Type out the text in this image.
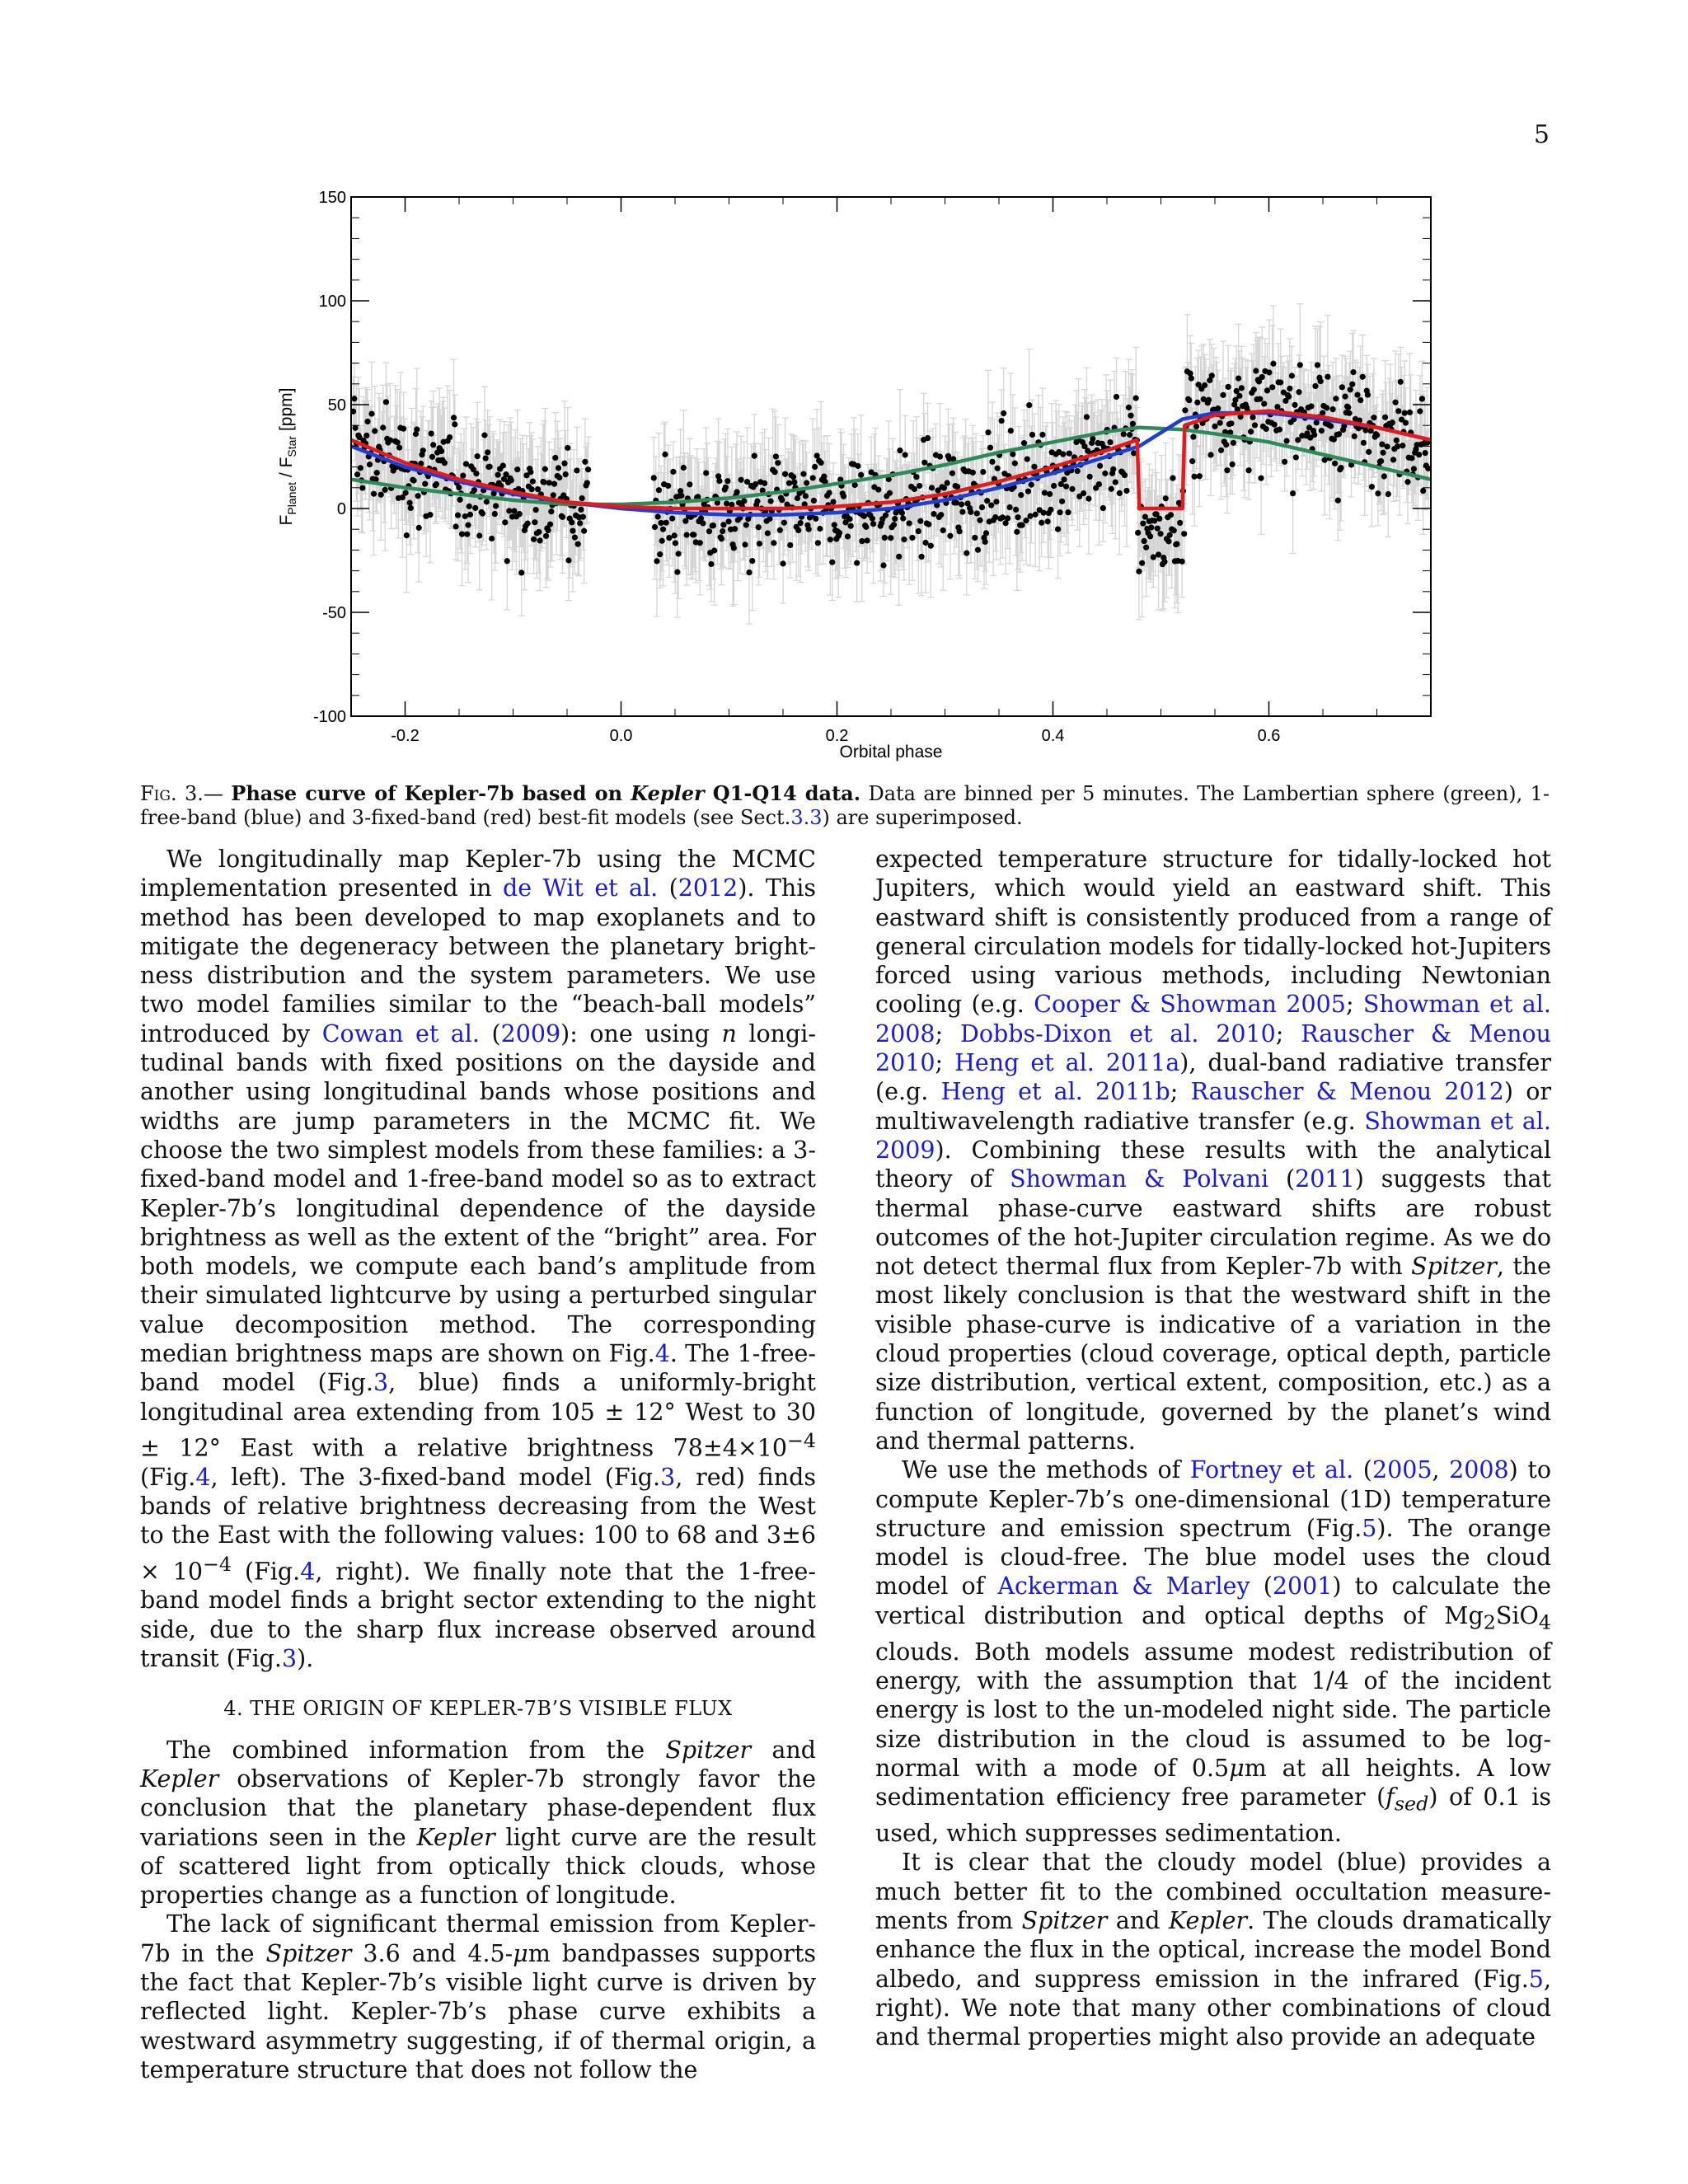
5
-0.2	0.0	0.2	0.4	0.6
-100
-50
0
50
100
150
Orbital phase
$F_{Planet} / F_{Star}$ [ppm]
Fig. 3.— Phase curve of Kepler-7b based on Kepler Q1-Q14 data. Data are binned per 5 minutes. The Lambertian sphere (green), 1-free-band (blue) and 3-fixed-band (red) best-fit models (see Sect.3.3) are superimposed.

We longitudinally map Kepler-7b using the MCMC implementation presented in de Wit et al. (2012). This method has been developed to map exoplanets and to mitigate the degeneracy between the planetary brightness distribution and the system parameters. We use two model families similar to the “beach-ball models” introduced by Cowan et al. (2009): one using n longitudinal bands with fixed positions on the dayside and another using longitudinal bands whose positions and widths are jump parameters in the MCMC fit. We choose the two simplest models from these families: a 3-fixed-band model and 1-free-band model so as to extract Kepler-7b’s longitudinal dependence of the dayside brightness as well as the extent of the “bright” area. For both models, we compute each band’s amplitude from their simulated lightcurve by using a perturbed singular value decomposition method. The corresponding median brightness maps are shown on Fig.4. The 1-free-band model (Fig.3, blue) finds a uniformly-bright longitudinal area extending from 105 ± 12° West to 30 ± 12° East with a relative brightness $78\pm 4\times 10^{-4}$ (Fig.4, left). The 3-fixed-band model (Fig.3, red) finds bands of relative brightness decreasing from the West to the East with the following values: 100 to 68 and $3\pm 6 \times 10^{-4}$ (Fig.4, right). We finally note that the 1-free-band model finds a bright sector extending to the night side, due to the sharp flux increase observed around transit (Fig.3).

4. THE ORIGIN OF KEPLER-7B’S VISIBLE FLUX

The combined information from the Spitzer and Kepler observations of Kepler-7b strongly favor the conclusion that the planetary phase-dependent flux variations seen in the Kepler light curve are the result of scattered light from optically thick clouds, whose properties change as a function of longitude.

The lack of significant thermal emission from Kepler-7b in the Spitzer 3.6 and 4.5-μm bandpasses supports the fact that Kepler-7b’s visible light curve is driven by reflected light. Kepler-7b’s phase curve exhibits a westward asymmetry suggesting, if of thermal origin, a temperature structure that does not follow the

expected temperature structure for tidally-locked hot Jupiters, which would yield an eastward shift. This eastward shift is consistently produced from a range of general circulation models for tidally-locked hot-Jupiters forced using various methods, including Newtonian cooling (e.g. Cooper & Showman 2005; Showman et al. 2008; Dobbs-Dixon et al. 2010; Rauscher & Menou 2010; Heng et al. 2011a), dual-band radiative transfer (e.g. Heng et al. 2011b; Rauscher & Menou 2012) or multiwavelength radiative transfer (e.g. Showman et al. 2009). Combining these results with the analytical theory of Showman & Polvani (2011) suggests that thermal phase-curve eastward shifts are robust outcomes of the hot-Jupiter circulation regime. As we do not detect thermal flux from Kepler-7b with Spitzer, the most likely conclusion is that the westward shift in the visible phase-curve is indicative of a variation in the cloud properties (cloud coverage, optical depth, particle size distribution, vertical extent, composition, etc.) as a function of longitude, governed by the planet’s wind and thermal patterns.

We use the methods of Fortney et al. (2005, 2008) to compute Kepler-7b’s one-dimensional (1D) temperature structure and emission spectrum (Fig.5). The orange model is cloud-free. The blue model uses the cloud model of Ackerman & Marley (2001) to calculate the vertical distribution and optical depths of $Mg_2SiO_4$ clouds. Both models assume modest redistribution of energy, with the assumption that 1/4 of the incident energy is lost to the un-modeled night side. The particle size distribution in the cloud is assumed to be log-normal with a mode of 0.5μm at all heights. A low sedimentation efficiency free parameter $(f_{sed})$ of 0.1 is used, which suppresses sedimentation.

It is clear that the cloudy model (blue) provides a much better fit to the combined occultation measurements from Spitzer and Kepler. The clouds dramatically enhance the flux in the optical, increase the model Bond albedo, and suppress emission in the infrared (Fig.5, right). We note that many other combinations of cloud and thermal properties might also provide an adequate
